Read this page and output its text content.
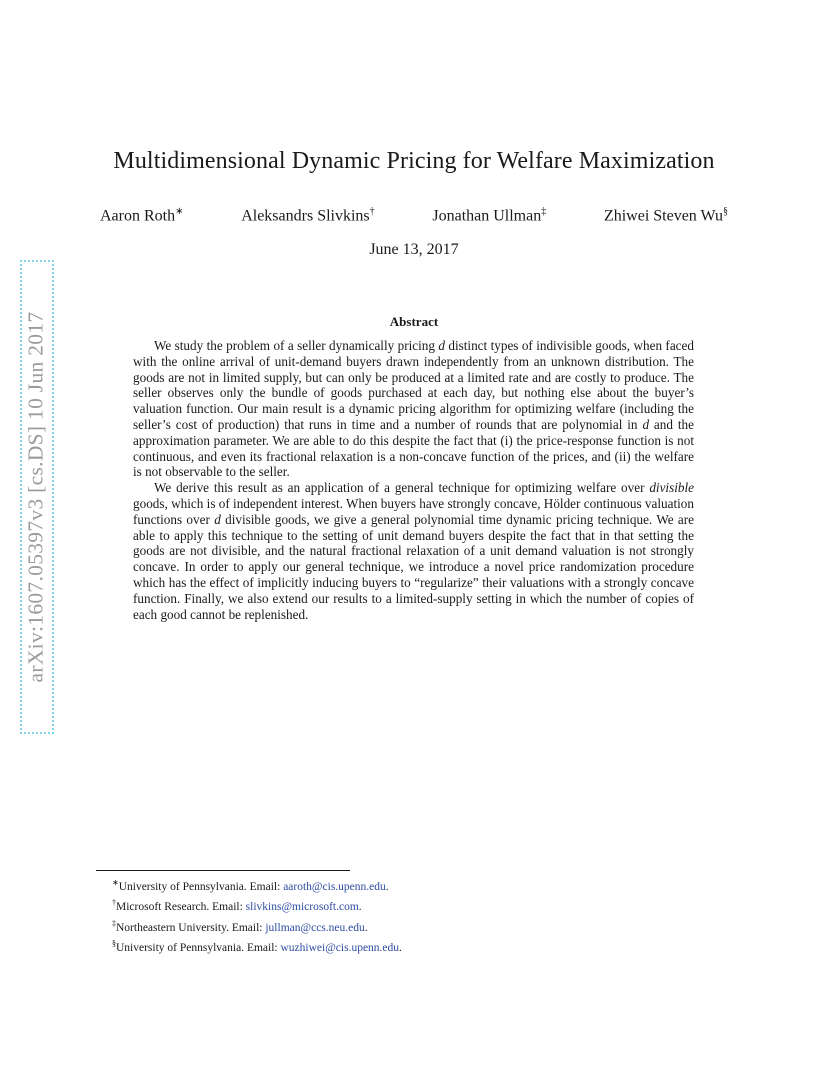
arXiv:1607.05397v3 [cs.DS] 10 Jun 2017
Multidimensional Dynamic Pricing for Welfare Maximization
Aaron Roth∗	Aleksandrs Slivkins†	Jonathan Ullman‡	Zhiwei Steven Wu§
June 13, 2017
Abstract

We study the problem of a seller dynamically pricing d distinct types of indivisible goods, when faced with the online arrival of unit-demand buyers drawn independently from an unknown distribution. The goods are not in limited supply, but can only be produced at a limited rate and are costly to produce. The seller observes only the bundle of goods purchased at each day, but nothing else about the buyer’s valuation function. Our main result is a dynamic pricing algorithm for optimizing welfare (including the seller’s cost of production) that runs in time and a number of rounds that are polynomial in d and the approximation parameter. We are able to do this despite the fact that (i) the price-response function is not continuous, and even its fractional relaxation is a non-concave function of the prices, and (ii) the welfare is not observable to the seller.

We derive this result as an application of a general technique for optimizing welfare over divisible goods, which is of independent interest. When buyers have strongly concave, Hölder continuous valuation functions over d divisible goods, we give a general polynomial time dynamic pricing technique. We are able to apply this technique to the setting of unit demand buyers despite the fact that in that setting the goods are not divisible, and the natural fractional relaxation of a unit demand valuation is not strongly concave. In order to apply our general technique, we introduce a novel price randomization procedure which has the effect of implicitly inducing buyers to “regularize” their valuations with a strongly concave function. Finally, we also extend our results to a limited-supply setting in which the number of copies of each good cannot be replenished.

∗University of Pennsylvania. Email: aaroth@cis.upenn.edu.
†Microsoft Research. Email: slivkins@microsoft.com.
‡Northeastern University. Email: jullman@ccs.neu.edu.
§University of Pennsylvania. Email: wuzhiwei@cis.upenn.edu.
